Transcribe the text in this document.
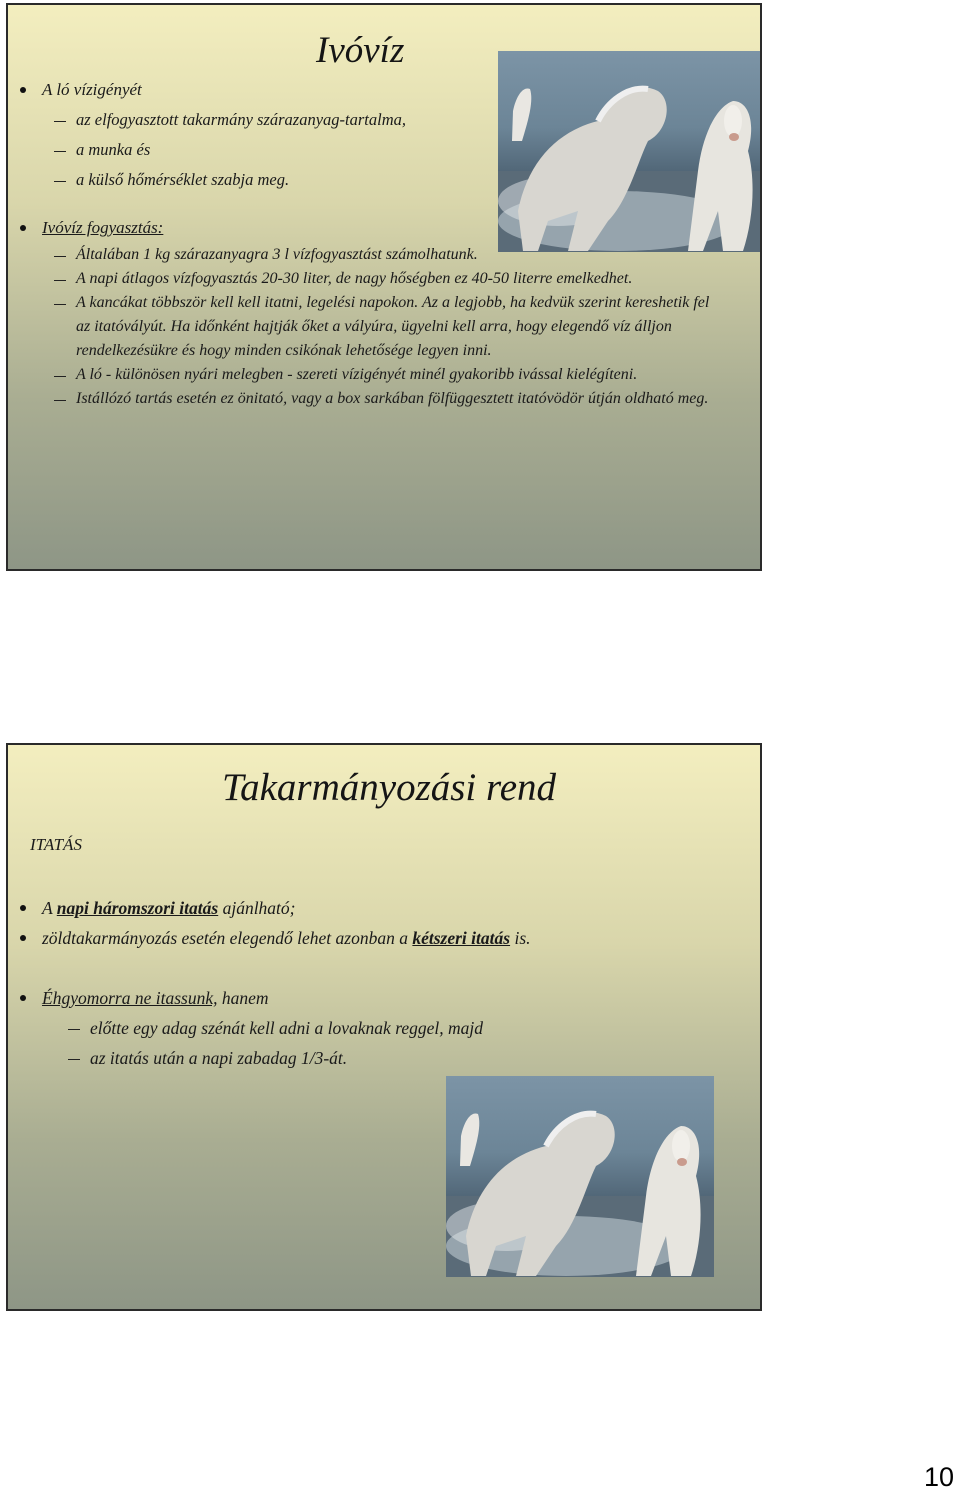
Ivóvíz
A ló vízigényét
az elfogyasztott takarmány szárazanyag-tartalma,
a munka és
a külső hőmérséklet szabja meg.
Ivóvíz fogyasztás:
Általában 1 kg szárazanyagra 3 l vízfogyasztást számolhatunk.
A napi átlagos vízfogyasztás 20-30 liter, de nagy hőségben ez 40-50 literre emelkedhet.
A kancákat többször kell kell itatni, legelési napokon. Az a legjobb, ha kedvük szerint kereshetik fel az itatóvályút. Ha időnként hajtják őket a vályúra, ügyelni kell arra, hogy elegendő víz álljon rendelkezésükre és hogy minden csikónak lehetősége legyen inni.
A ló - különösen nyári melegben - szereti vízigényét minél gyakoribb ivással kielégíteni.
Istállózó tartás esetén ez önitató, vagy a box sarkában fölfüggesztett itatóvödör útján oldható meg.
Takarmányozási rend

ITATÁS

A napi háromszori itatás ajánlható;
zöldtakarmányozás esetén elegendő lehet azonban a kétszeri itatás is.
Éhgyomorra ne itassunk, hanem
előtte egy adag szénát kell adni a lovaknak reggel, majd
az itatás után a napi zabadag 1/3-át.
10
